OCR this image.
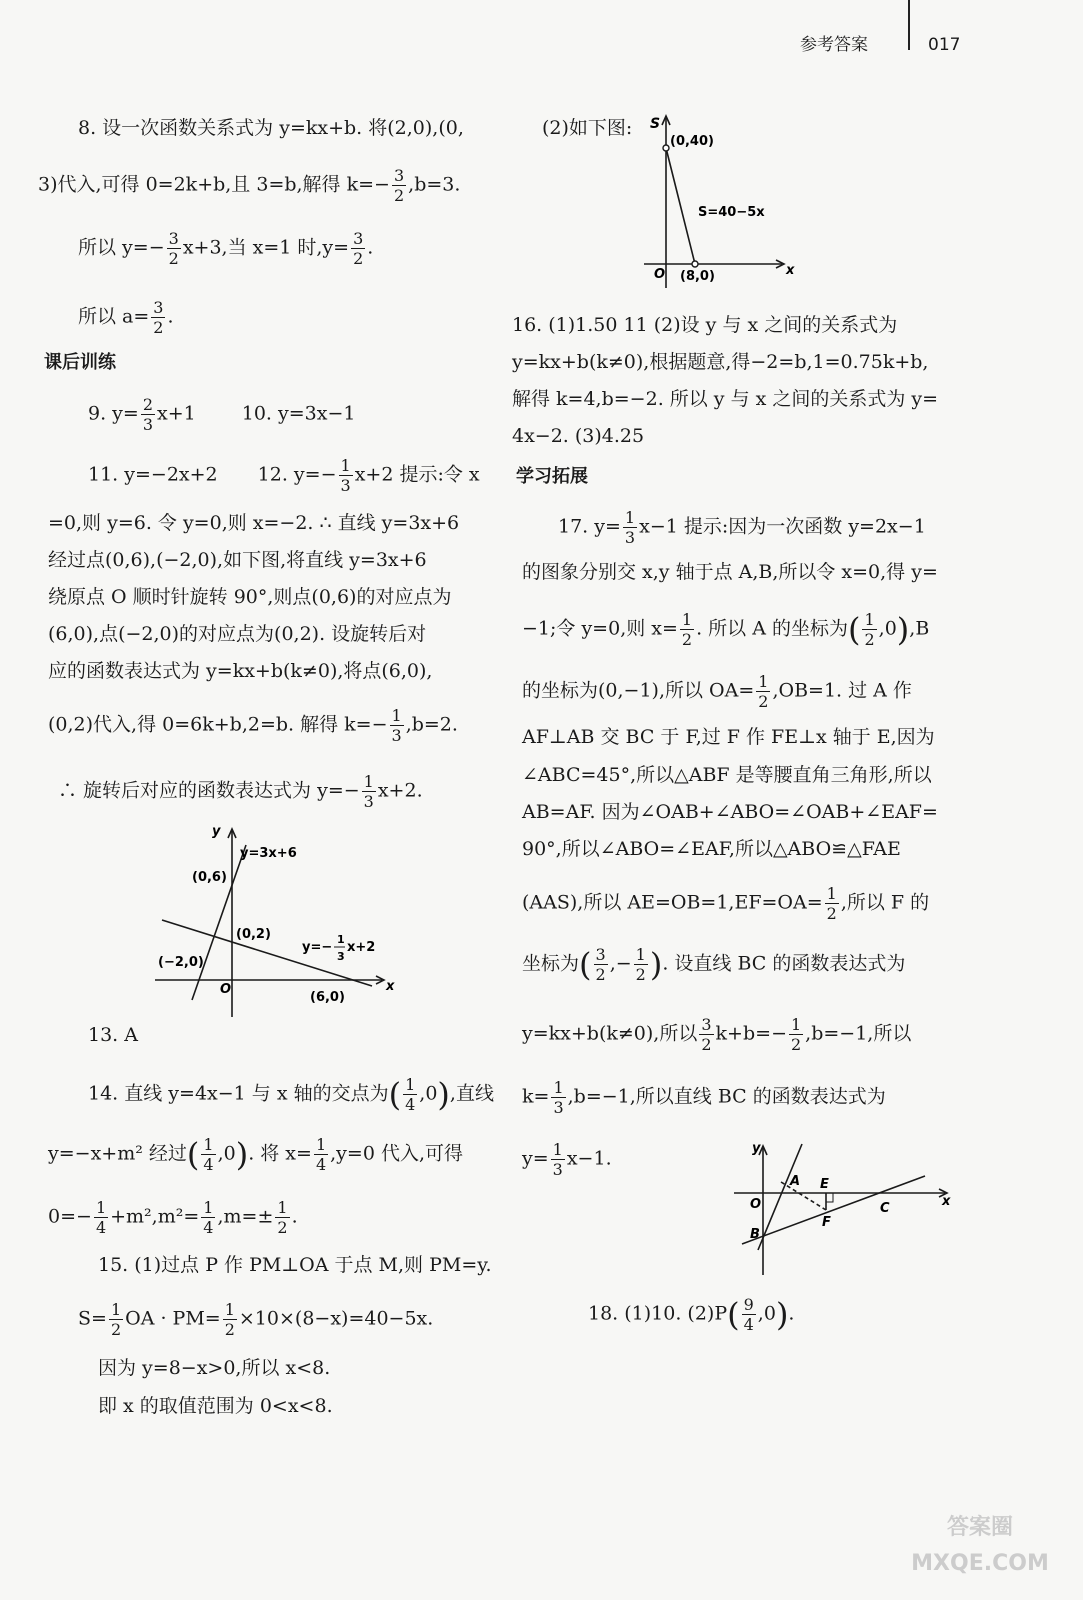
参考答案	017
8. 设一次函数关系式为 y=kx+b. 将(2,0),(0,
3)代入,可得 0=2k+b,且 3=b,解得 $k=- \frac{3}{2} ,b=3$.
所以 $y=- \frac{3}{2} x+3$,当 x=1 时$,y= \frac{3}{2}$ .
所以 $a= \frac{3}{2}$ .
课后训练
9. $y= \frac{2}{3} x+1$ 10. y=3x−1
11. y=−2x+2 12. $y=- \frac{1}{3} x+2$ 提示:令 x
=0,则 y=6. 令 y=0,则 x=−2. ∴ 直线 y=3x+6
经过点(0,6),(−2,0),如下图,将直线 y=3x+6
绕原点 O 顺时针旋转 90°,则点(0,6)的对应点为
(6,0),点(−2,0)的对应点为(0,2). 设旋转后对
应的函数表达式为 y=kx+b(k≠0),将点(6,0),
(0,2)代入,得 0=6k+b,2=b. 解得 $k=- \frac{1}{3} ,b=2$.
∴ 旋转后对应的函数表达式为 $y=- \frac{1}{3} x+2$.
y
x
O
y=3x+6
(0,6)
(0,2)
(−2,0)
(6,0)
y=−
1
3
x+2
13. A
14. 直线 y=4x−1 与 x 轴的交点为( $\frac{1}{4} ,0$),直线
y=−x+m² 经过( $\frac{1}{4} ,0$). 将 $x= \frac{1}{4} ,y=0$ 代入,可得
$0=- \frac{1}{4} +m^2,m^2= \frac{1}{4} ,m=\pm \frac{1}{2}$ .
15. (1)过点 P 作 PM⊥OA 于点 M,则 PM=y.
$S= \frac{1}{2}$ OA · $PM= \frac{1}{2} \times 10\times(8-x)=40-5x$.
因为 y=8−x>0,所以 x<8.
即 x 的取值范围为 0<x<8.
(2)如下图: S
(0,40)
S=40−5x
O (8,0)	x
16. (1)1.50 11 (2)设 y 与 x 之间的关系式为
y=kx+b(k≠0),根据题意,得−2=b,1=0.75k+b,
解得 k=4,b=−2. 所以 y 与 x 之间的关系式为 y=
4x−2. (3)4.25
学习拓展
17. $y= \frac{1}{3} x-1$ 提示:因为一次函数 y=2x−1
的图象分别交 x,y 轴于点 A,B,所以令 x=0,得 y=
−1;令 y=0,则 $x= \frac{1}{2}$ . 所以 A 的坐标为( $\frac{1}{2} ,0),B$
的坐标为(0,−1),所以 $OA= \frac{1}{2} ,OB=1$. 过 A 作
AF⊥AB 交 BC 于 F,过 F 作 FE⊥x 轴于 E,因为
∠ABC=45°,所以△ABF 是等腰直角三角形,所以
AB=AF. 因为∠OAB+∠ABO=∠OAB+∠EAF=
90°,所以∠ABO=∠EAF,所以△ABO≌△FAE
(AAS),所以 $AE=OB=1,EF=OA= \frac{1}{2}$ ,所以 F 的
坐标为( $\frac{3}{2}$ ,− $\frac{1}{2}$ ). 设直线 BC 的函数表达式为
y=kx+b(k≠0),所以 $\frac{3}{2} k+b=- \frac{1}{2} ,b=-1$,所以
$k= \frac{1}{3} ,b=-1$,所以直线 BC 的函数表达式为
$y= \frac{1}{3} x-1$.	y
x
O
A E
B
C
F
18. (1)10. $(2)P( \frac{9}{4} ,0)$.
答案圈 MXQE.COM
